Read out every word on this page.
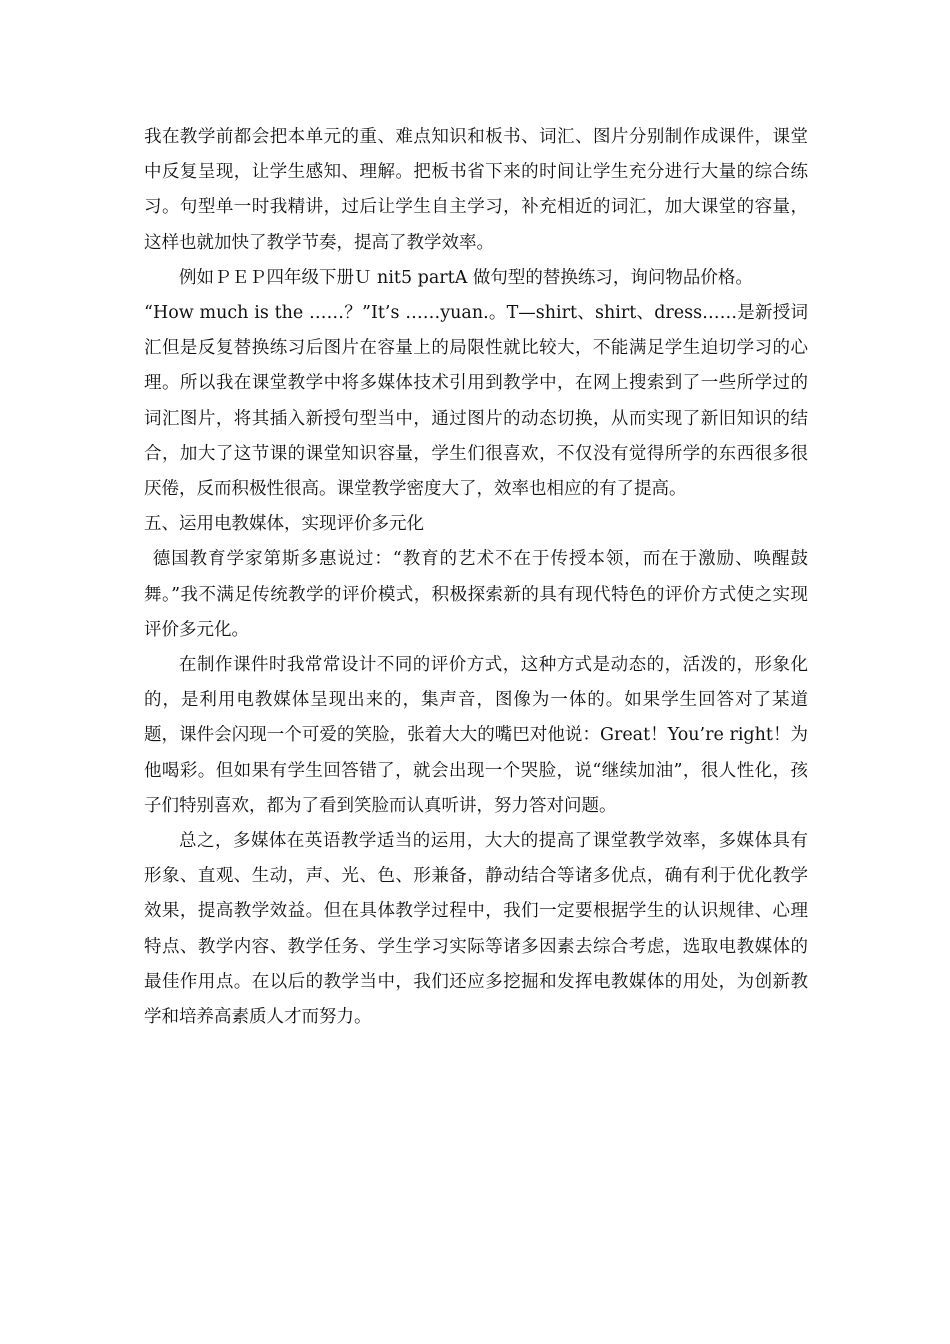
我在教学前都会把本单元的重、难点知识和板书、词汇、图片分别制作成课件，课堂中反复呈现，让学生感知、理解。把板书省下来的时间让学生充分进行大量的综合练习。句型单一时我精讲，过后让学生自主学习，补充相近的词汇，加大课堂的容量，这样也就加快了教学节奏，提高了教学效率。

例如ＰＥＰ四年级下册Ｕ nit5 partA 做句型的替换练习，询问物品价格。

“How much is the ……？”It’s ……yuan.。T—shirt、shirt、dress……是新授词汇但是反复替换练习后图片在容量上的局限性就比较大，不能满足学生迫切学习的心理。所以我在课堂教学中将多媒体技术引用到教学中，在网上搜索到了一些所学过的词汇图片，将其插入新授句型当中，通过图片的动态切换，从而实现了新旧知识的结合，加大了这节课的课堂知识容量，学生们很喜欢，不仅没有觉得所学的东西很多很厌倦，反而积极性很高。课堂教学密度大了，效率也相应的有了提高。

五、运用电教媒体，实现评价多元化

德国教育学家第斯多惠说过：“教育的艺术不在于传授本领，而在于激励、唤醒鼓舞。”我不满足传统教学的评价模式，积极探索新的具有现代特色的评价方式使之实现评价多元化。

在制作课件时我常常设计不同的评价方式，这种方式是动态的，活泼的，形象化的，是利用电教媒体呈现出来的，集声音，图像为一体的。如果学生回答对了某道题，课件会闪现一个可爱的笑脸，张着大大的嘴巴对他说：Great！You’re right！为他喝彩。但如果有学生回答错了，就会出现一个哭脸，说“继续加油”，很人性化，孩子们特别喜欢，都为了看到笑脸而认真听讲，努力答对问题。

总之，多媒体在英语教学适当的运用，大大的提高了课堂教学效率，多媒体具有形象、直观、生动，声、光、色、形兼备，静动结合等诸多优点，确有利于优化教学效果，提高教学效益。但在具体教学过程中，我们一定要根据学生的认识规律、心理特点、教学内容、教学任务、学生学习实际等诸多因素去综合考虑，选取电教媒体的最佳作用点。在以后的教学当中，我们还应多挖掘和发挥电教媒体的用处，为创新教学和培养高素质人才而努力。
